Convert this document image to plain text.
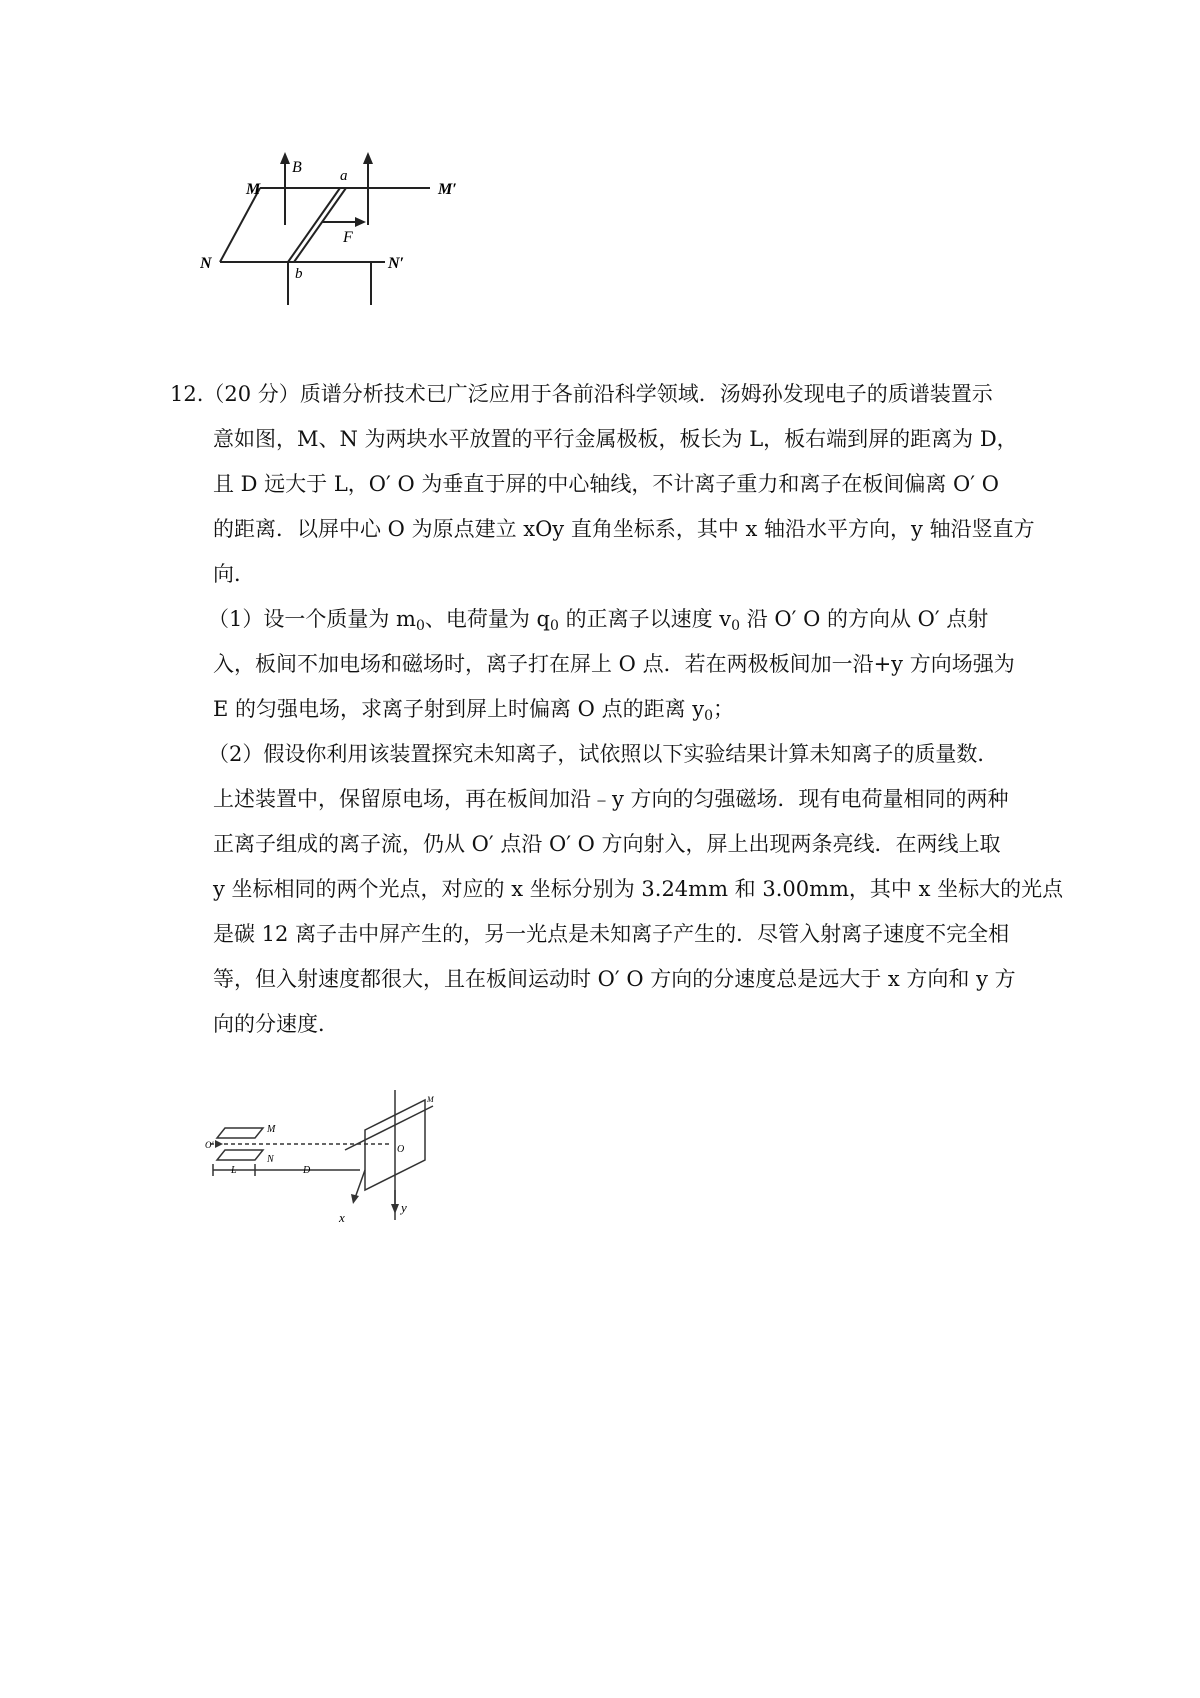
B	a
M	M′
F
N
b
N′
12.（20 分）质谱分析技术已广泛应用于各前沿科学领域．汤姆孙发现电子的质谱装置示
意如图，M、N 为两块水平放置的平行金属极板，板长为 L，板右端到屏的距离为 D，
且 D 远大于 L，O′ O 为垂直于屏的中心轴线，不计离子重力和离子在板间偏离 O′ O
的距离．以屏中心 O 为原点建立 xOy 直角坐标系，其中 x 轴沿水平方向，y 轴沿竖直方
向．
（1）设一个质量为 $m_0$、电荷量为 $q_0$ 的正离子以速度 $v_0$ 沿 O′ O 的方向从 O′ 点射
入，板间不加电场和磁场时，离子打在屏上 O 点．若在两极板间加一沿+y 方向场强为
E 的匀强电场，求离子射到屏上时偏离 O 点的距离 $y_0$；
（2）假设你利用该装置探究未知离子，试依照以下实验结果计算未知离子的质量数．
上述装置中，保留原电场，再在板间加沿﹣y 方向的匀强磁场．现有电荷量相同的两种
正离子组成的离子流，仍从 O′ 点沿 O′ O 方向射入，屏上出现两条亮线．在两线上取
y 坐标相同的两个光点，对应的 x 坐标分别为 3.24mm 和 3.00mm，其中 x 坐标大的光点
是碳 12 离子击中屏产生的，另一光点是未知离子产生的．尽管入射离子速度不完全相
等，但入射速度都很大，且在板间运动时 O′ O 方向的分速度总是远大于 x 方向和 y 方
向的分速度．
M
N
O′	O
L	D
x
y
M
